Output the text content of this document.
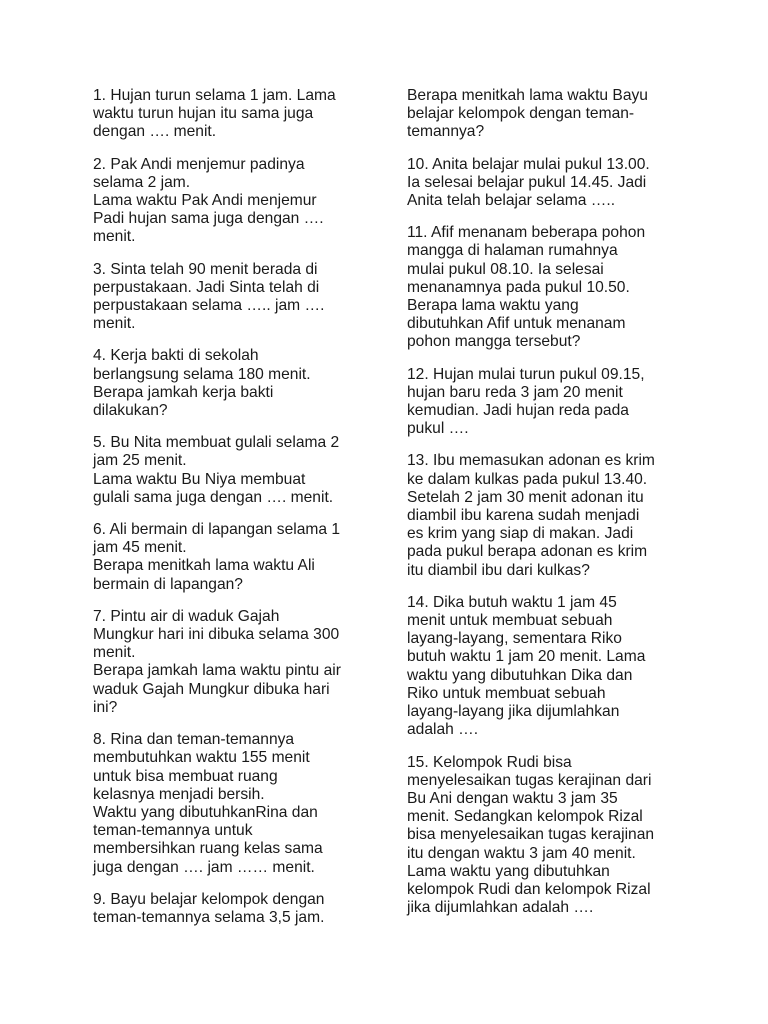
1. Hujan turun selama 1 jam. Lama
waktu turun hujan itu sama juga
dengan …. menit.

2. Pak Andi menjemur padinya
selama 2 jam.
Lama waktu Pak Andi menjemur
Padi hujan sama juga dengan ….
menit.

3. Sinta telah 90 menit berada di
perpustakaan. Jadi Sinta telah di
perpustakaan selama ….. jam ….
menit.

4. Kerja bakti di sekolah
berlangsung selama 180 menit.
Berapa jamkah kerja bakti
dilakukan?

5. Bu Nita membuat gulali selama 2
jam 25 menit.
Lama waktu Bu Niya membuat
gulali sama juga dengan …. menit.

6. Ali bermain di lapangan selama 1
jam 45 menit.
Berapa menitkah lama waktu Ali
bermain di lapangan?

7. Pintu air di waduk Gajah
Mungkur hari ini dibuka selama 300
menit.
Berapa jamkah lama waktu pintu air
waduk Gajah Mungkur dibuka hari
ini?

8. Rina dan teman-temannya
membutuhkan waktu 155 menit
untuk bisa membuat ruang
kelasnya menjadi bersih.
Waktu yang dibutuhkanRina dan
teman-temannya untuk
membersihkan ruang kelas sama
juga dengan …. jam …… menit.

9. Bayu belajar kelompok dengan
teman-temannya selama 3,5 jam.

Berapa menitkah lama waktu Bayu
belajar kelompok dengan teman-
temannya?

10. Anita belajar mulai pukul 13.00.
Ia selesai belajar pukul 14.45. Jadi
Anita telah belajar selama …..

11. Afif menanam beberapa pohon
mangga di halaman rumahnya
mulai pukul 08.10. Ia selesai
menanamnya pada pukul 10.50.
Berapa lama waktu yang
dibutuhkan Afif untuk menanam
pohon mangga tersebut?

12. Hujan mulai turun pukul 09.15,
hujan baru reda 3 jam 20 menit
kemudian. Jadi hujan reda pada
pukul ….

13. Ibu memasukan adonan es krim
ke dalam kulkas pada pukul 13.40.
Setelah 2 jam 30 menit adonan itu
diambil ibu karena sudah menjadi
es krim yang siap di makan. Jadi
pada pukul berapa adonan es krim
itu diambil ibu dari kulkas?

14. Dika butuh waktu 1 jam 45
menit untuk membuat sebuah
layang-layang, sementara Riko
butuh waktu 1 jam 20 menit. Lama
waktu yang dibutuhkan Dika dan
Riko untuk membuat sebuah
layang-layang jika dijumlahkan
adalah ….

15. Kelompok Rudi bisa
menyelesaikan tugas kerajinan dari
Bu Ani dengan waktu 3 jam 35
menit. Sedangkan kelompok Rizal
bisa menyelesaikan tugas kerajinan
itu dengan waktu 3 jam 40 menit.
Lama waktu yang dibutuhkan
kelompok Rudi dan kelompok Rizal
jika dijumlahkan adalah ….
